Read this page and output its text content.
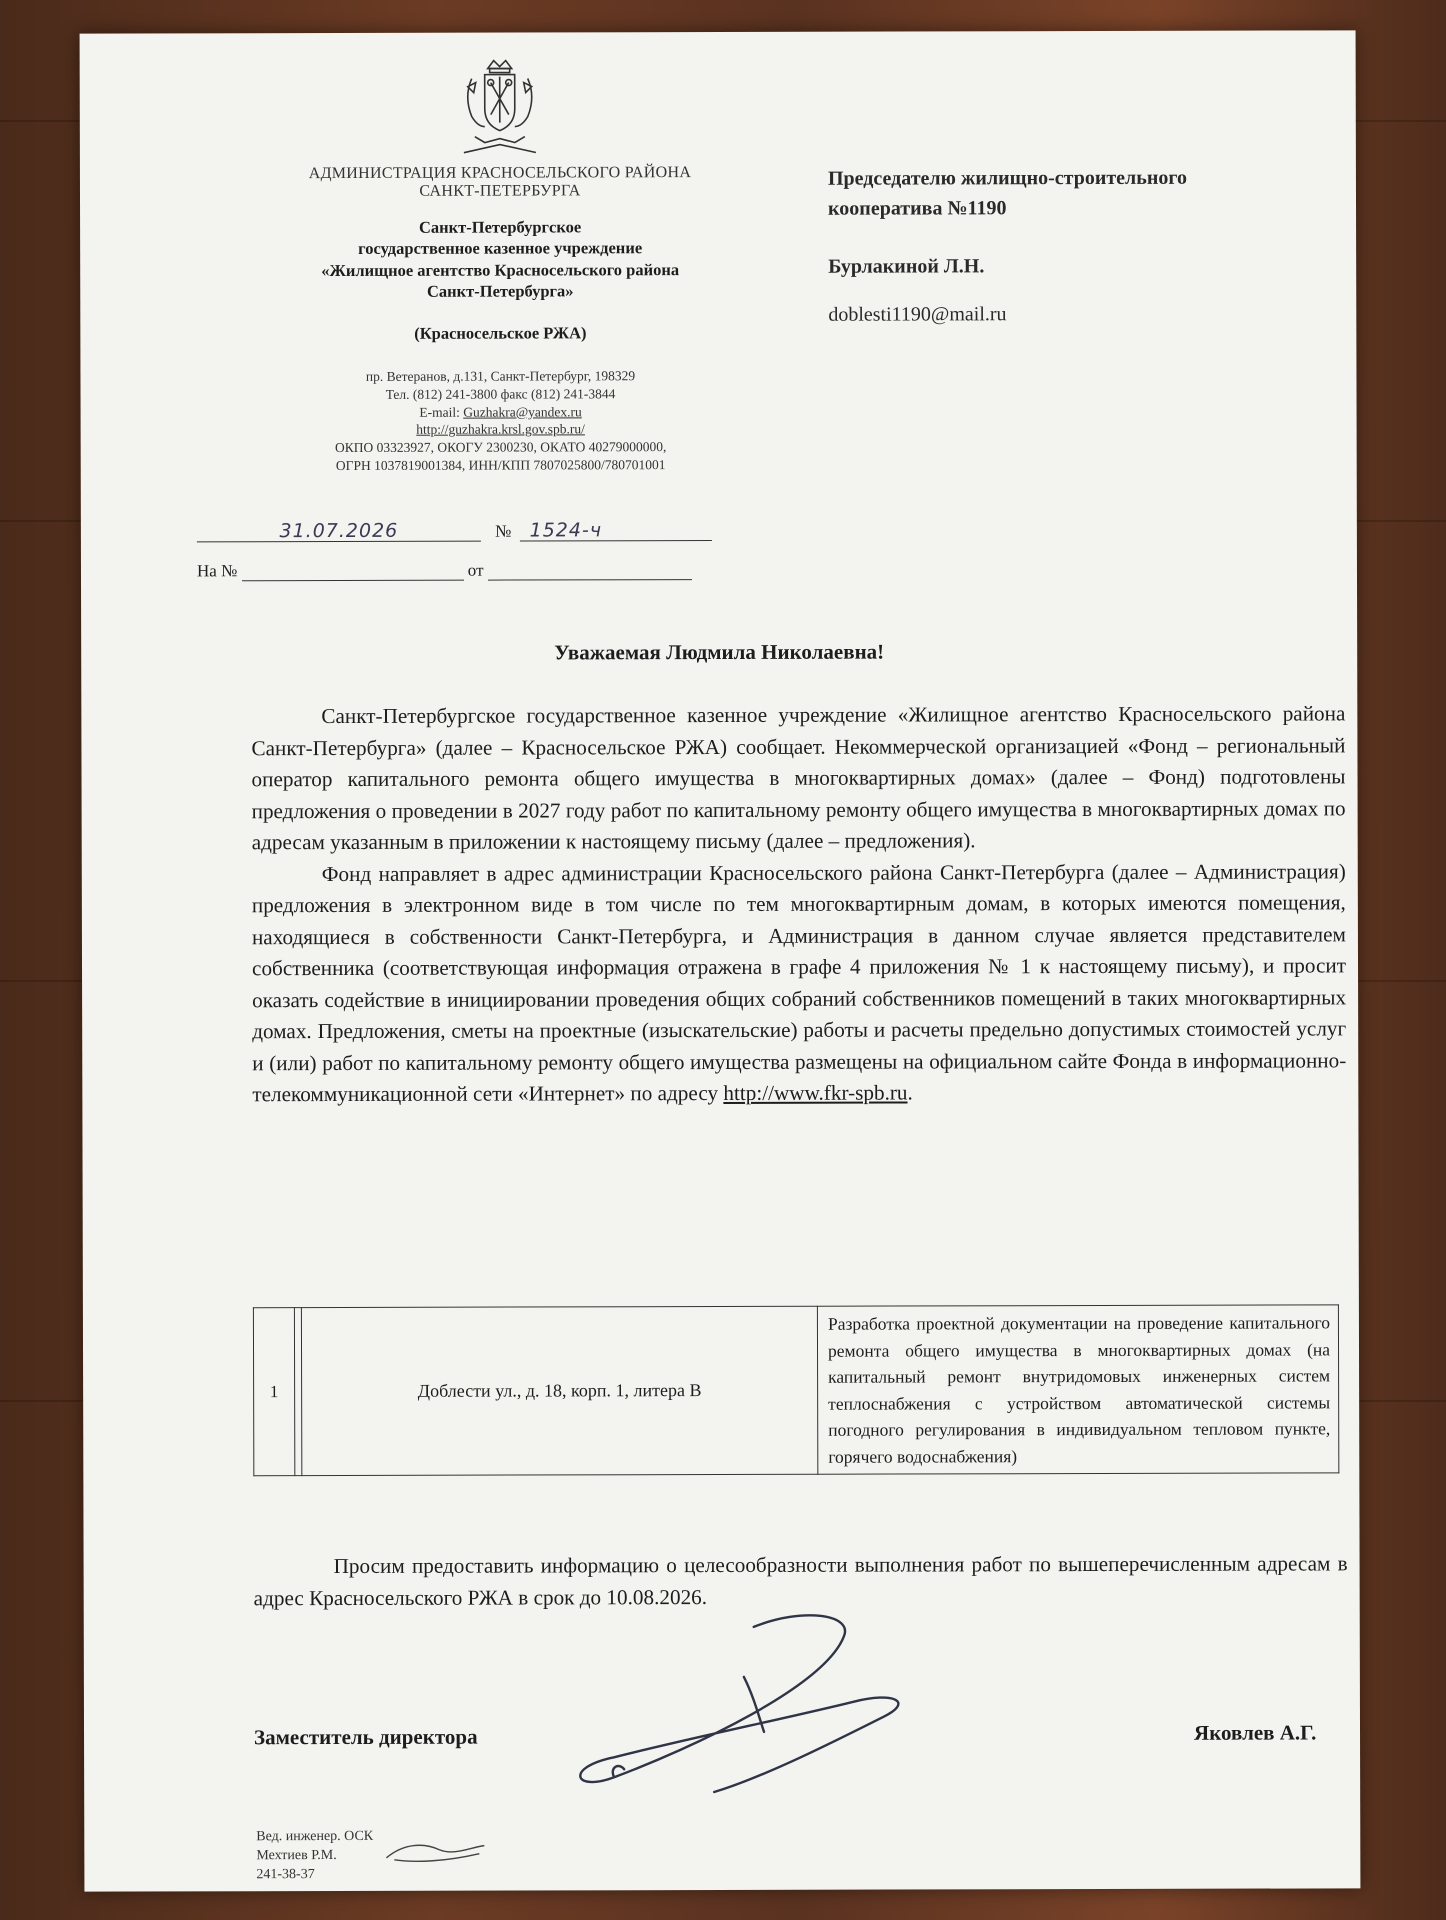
АДМИНИСТРАЦИЯ КРАСНОСЕЛЬСКОГО РАЙОНА
САНКТ-ПЕТЕРБУРГА
Санкт-Петербургское
государственное казенное учреждение
«Жилищное агентство Красносельского района
Санкт-Петербурга»
(Красносельское РЖА)
пр. Ветеранов, д.131, Санкт-Петербург, 198329
Тел. (812) 241-3800 факс (812) 241-3844
E-mail: Guzhakra@yandex.ru
http://guzhakra.krsl.gov.spb.ru/
ОКПО 03323927, ОКОГУ 2300230, ОКАТО 40279000000,
ОГРН 1037819001384, ИНН/КПП 7807025800/780701001
31.07.2026	№ 1524-ч
На №	от
Председателю жилищно-строительного
кооператива №1190
Бурлакиной Л.Н.
doblesti1190@mail.ru
Уважаемая Людмила Николаевна!

Санкт-Петербургское государственное казенное учреждение «Жилищное агентство Красносельского района Санкт-Петербурга» (далее – Красносельское РЖА) сообщает. Некоммерческой организацией «Фонд – региональный оператор капитального ремонта общего имущества в многоквартирных домах» (далее – Фонд) подготовлены предложения о проведении в 2027 году работ по капитальному ремонту общего имущества в многоквартирных домах по адресам указанным в приложении к настоящему письму (далее – предложения).

Фонд направляет в адрес администрации Красносельского района Санкт-Петербурга (далее – Администрация) предложения в электронном виде в том числе по тем многоквартирным домам, в которых имеются помещения, находящиеся в собственности Санкт-Петербурга, и Администрация в данном случае является представителем собственника (соответствующая информация отражена в графе 4 приложения № 1 к настоящему письму), и просит оказать содействие в инициировании проведения общих собраний собственников помещений в таких многоквартирных домах. Предложения, сметы на проектные (изыскательские) работы и расчеты предельно допустимых стоимостей услуг и (или) работ по капитальному ремонту общего имущества размещены на официальном сайте Фонда в информационно-телекоммуникационной сети «Интернет» по адресу http://www.fkr-spb.ru.

1		Доблести ул., д. 18, корп. 1, литера В	Разработка проектной документации на проведение капитального ремонта общего имущества в многоквартирных домах (на капитальный ремонт внутридомовых инженерных систем теплоснабжения с устройством автоматической системы погодного регулирования в индивидуальном тепловом пункте, горячего водоснабжения)

Просим предоставить информацию о целесообразности выполнения работ по вышеперечисленным адресам в адрес Красносельского РЖА в срок до 10.08.2026.

Заместитель директора	Яковлев А.Г.
Вед. инженер. ОСК
Мехтиев Р.М.
241-38-37
